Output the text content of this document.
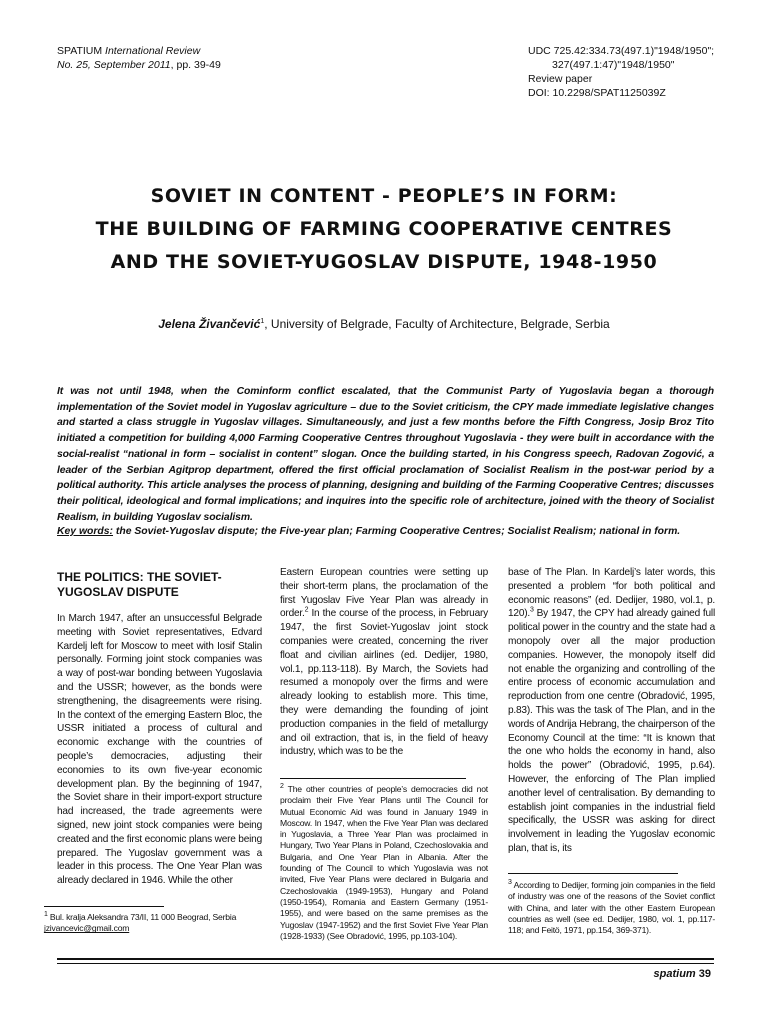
SPATIUM International Review
No. 25, September 2011, pp. 39-49
UDC 725.42:334.73(497.1)"1948/1950";
327(497.1:47)"1948/1950"
Review paper
DOI: 10.2298/SPAT1125039Z
SOVIET IN CONTENT - PEOPLE’S IN FORM:
THE BUILDING OF FARMING COOPERATIVE CENTRES
AND THE SOVIET-YUGOSLAV DISPUTE, 1948-1950
Jelena Živančević$^1$, University of Belgrade, Faculty of Architecture, Belgrade, Serbia
It was not until 1948, when the Cominform conflict escalated, that the Communist Party of Yugoslavia began a thorough implementation of the Soviet model in Yugoslav agriculture – due to the Soviet criticism, the CPY made immediate legislative changes and started a class struggle in Yugoslav villages. Simultaneously, and just a few months before the Fifth Congress, Josip Broz Tito initiated a competition for building 4,000 Farming Cooperative Centres throughout Yugoslavia - they were built in accordance with the social-realist “national in form – socialist in content” slogan. Once the building started, in his Congress speech, Radovan Zogović, a leader of the Serbian Agitprop department, offered the first official proclamation of Socialist Realism in the post-war period by a political authority. This article analyses the process of planning, designing and building of the Farming Cooperative Centres; discusses their political, ideological and formal implications; and inquires into the specific role of architecture, joined with the theory of Socialist Realism, in building Yugoslav socialism.
Key words: the Soviet-Yugoslav dispute; the Five-year plan; Farming Cooperative Centres; Socialist Realism; national in form.
THE POLITICS: THE SOVIET-YUGOSLAV DISPUTE

In March 1947, after an unsuccessful Belgrade meeting with Soviet representatives, Edvard Kardelj left for Moscow to meet with Iosif Stalin personally. Forming joint stock companies was a way of post-war bonding between Yugoslavia and the USSR; however, as the bonds were strengthening, the disagreements were rising. In the context of the emerging Eastern Bloc, the USSR initiated a process of cultural and economic exchange with the countries of people’s democracies, adjusting their economies to its own five-year economic development plan. By the beginning of 1947, the Soviet share in their import-export structure had increased, the trade agreements were signed, new joint stock companies were being created and the first economic plans were being prepared. The Yugoslav government was a leader in this process. The One Year Plan was already declared in 1946. While the other

Eastern European countries were setting up their short-term plans, the proclamation of the first Yugoslav Five Year Plan was already in order.$^2$ In the course of the process, in February 1947, the first Soviet-Yugoslav joint stock companies were created, concerning the river float and civilian airlines (ed. Dedijer, 1980, vol.1, pp.113-118). By March, the Soviets had resumed a monopoly over the firms and were already looking to establish more. This time, they were demanding the founding of joint production companies in the field of metallurgy and oil extraction, that is, in the field of heavy industry, which was to be the

base of The Plan. In Kardelj’s later words, this presented a problem “for both political and economic reasons” (ed. Dedijer, 1980, vol.1, p. 120).$^3$ By 1947, the CPY had already gained full political power in the country and the state had a monopoly over all the major production companies. However, the monopoly itself did not enable the organizing and controlling of the entire process of economic accumulation and reproduction from one centre (Obradović, 1995, p.83). This was the task of The Plan, and in the words of Andrija Hebrang, the chairperson of the Economy Council at the time: “It is known that the one who holds the economy in hand, also holds the power” (Obradović, 1995, p.64). However, the enforcing of The Plan implied another level of centralisation. By demanding to establish joint companies in the industrial field specifically, the USSR was asking for direct involvement in leading the Yugoslav economic plan, that is, its

$^1$ Bul. kralja Aleksandra 73/II, 11 000 Beograd, Serbia
jzivancevic@gmail.com
$^2$ The other countries of people’s democracies did not proclaim their Five Year Plans until The Council for Mutual Economic Aid was found in January 1949 in Moscow. In 1947, when the Five Year Plan was declared in Yugoslavia, a Three Year Plan was proclaimed in Hungary, Two Year Plans in Poland, Czechoslovakia and Bulgaria, and One Year Plan in Albania. After the founding of The Council to which Yugoslavia was not invited, Five Year Plans were declared in Bulgaria and Czechoslovakia (1949-1953), Hungary and Poland (1950-1954), Romania and Eastern Germany (1951-1955), and were based on the same premises as the Yugoslav (1947-1952) and the first Soviet Five Year Plan (1928-1933) (See Obradović, 1995, pp.103-104).
$^3$ According to Dedijer, forming join companies in the field of industry was one of the reasons of the Soviet conflict with China, and later with the other Eastern European countries as well (see ed. Dedijer, 1980, vol. 1, pp.117-118; and Feitö, 1971, pp.154, 369-371).
spatium 39
